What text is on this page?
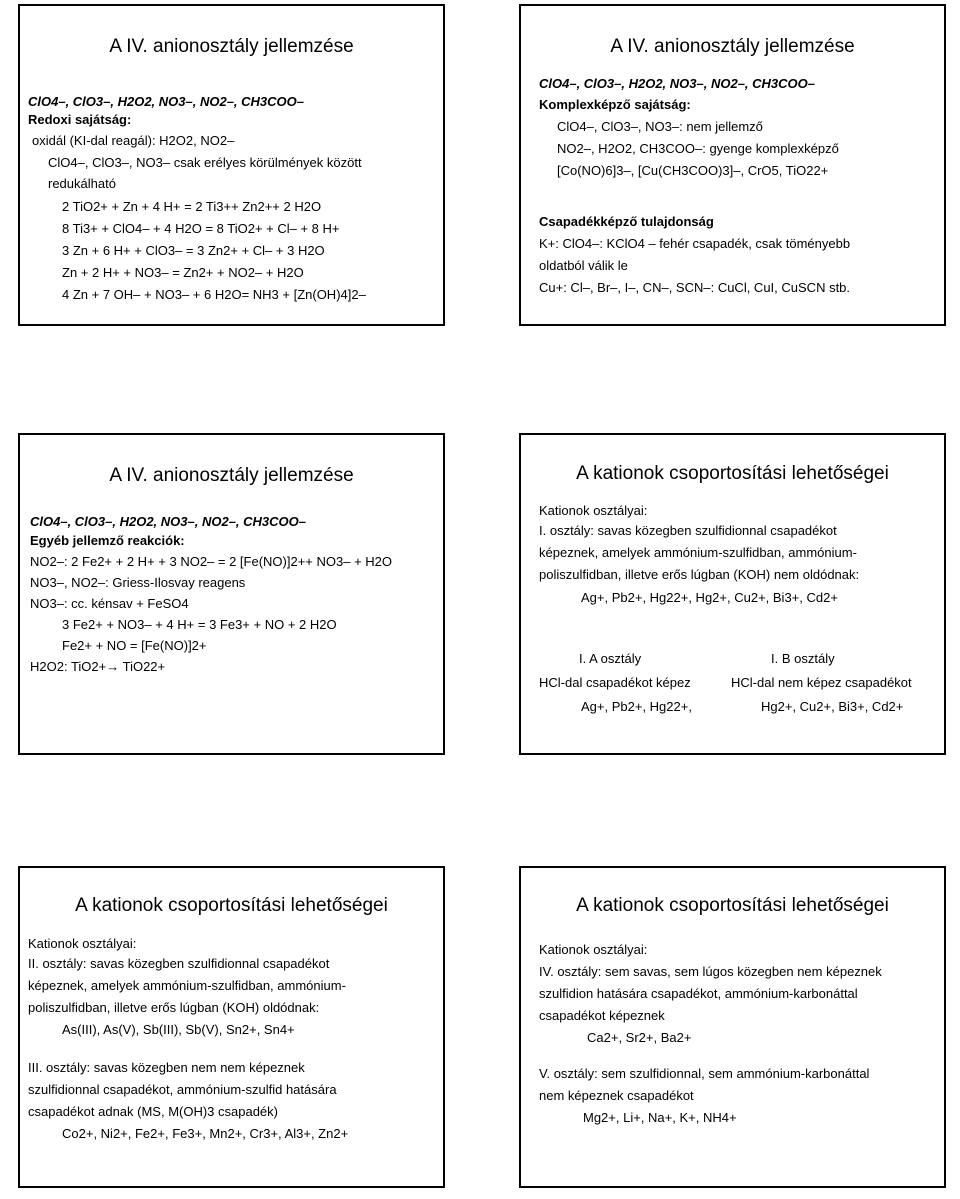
A IV. anionosztály jellemzése
ClO4–, ClO3–, H2O2, NO3–, NO2–, CH3COO–
Redoxi sajátság:
oxidál (KI-dal reagál): H2O2, NO2–
ClO4–, ClO3–, NO3– csak erélyes körülmények között
redukálható
2 TiO2+ + Zn + 4 H+ = 2 Ti3++ Zn2++ 2 H2O
8 Ti3+ + ClO4– + 4 H2O = 8 TiO2+ + Cl– + 8 H+
3 Zn + 6 H+ + ClO3– = 3 Zn2+ + Cl– + 3 H2O
Zn + 2 H+ + NO3– = Zn2+ + NO2– + H2O
4 Zn + 7 OH– + NO3– + 6 H2O= NH3 + [Zn(OH)4]2–
A IV. anionosztály jellemzése
ClO4–, ClO3–, H2O2, NO3–, NO2–, CH3COO–
Komplexképző sajátság:
ClO4–, ClO3–, NO3–: nem jellemző
NO2–, H2O2, CH3COO–: gyenge komplexképző
[Co(NO)6]3–, [Cu(CH3COO)3]–, CrO5, TiO22+
Csapadékképző tulajdonság
K+: ClO4–: KClO4 – fehér csapadék, csak töményebb
oldatból válik le
Cu+: Cl–, Br–, I–, CN–, SCN–: CuCl, CuI, CuSCN stb.
A IV. anionosztály jellemzése
ClO4–, ClO3–, H2O2, NO3–, NO2–, CH3COO–
Egyéb jellemző reakciók:
NO2–: 2 Fe2+ + 2 H+ + 3 NO2– = 2 [Fe(NO)]2++ NO3– + H2O
NO3–, NO2–: Griess-Ilosvay reagens
NO3–: cc. kénsav + FeSO4
3 Fe2+ + NO3– + 4 H+ = 3 Fe3+ + NO + 2 H2O
Fe2+ + NO = [Fe(NO)]2+
H2O2: TiO2+→ TiO22+
A kationok csoportosítási lehetőségei
Kationok osztályai:
I. osztály: savas közegben szulfidionnal csapadékot
képeznek, amelyek ammónium-szulfidban, ammónium-
poliszulfidban, illetve erős lúgban (KOH) nem oldódnak:
Ag+, Pb2+, Hg22+, Hg2+, Cu2+, Bi3+, Cd2+
I. A osztály	I. B osztály
HCl-dal csapadékot képez	HCl-dal nem képez csapadékot
Ag+, Pb2+, Hg22+,	Hg2+, Cu2+, Bi3+, Cd2+
A kationok csoportosítási lehetőségei
Kationok osztályai:
II. osztály: savas közegben szulfidionnal csapadékot
képeznek, amelyek ammónium-szulfidban, ammónium-
poliszulfidban, illetve erős lúgban (KOH) oldódnak:
As(III), As(V), Sb(III), Sb(V), Sn2+, Sn4+
III. osztály: savas közegben nem nem képeznek
szulfidionnal csapadékot, ammónium-szulfid hatására
csapadékot adnak (MS, M(OH)3 csapadék)
Co2+, Ni2+, Fe2+, Fe3+, Mn2+, Cr3+, Al3+, Zn2+
A kationok csoportosítási lehetőségei
Kationok osztályai:
IV. osztály: sem savas, sem lúgos közegben nem képeznek
szulfidion hatására csapadékot, ammónium-karbonáttal
csapadékot képeznek
Ca2+, Sr2+, Ba2+
V. osztály: sem szulfidionnal, sem ammónium-karbonáttal
nem képeznek csapadékot
Mg2+, Li+, Na+, K+, NH4+
